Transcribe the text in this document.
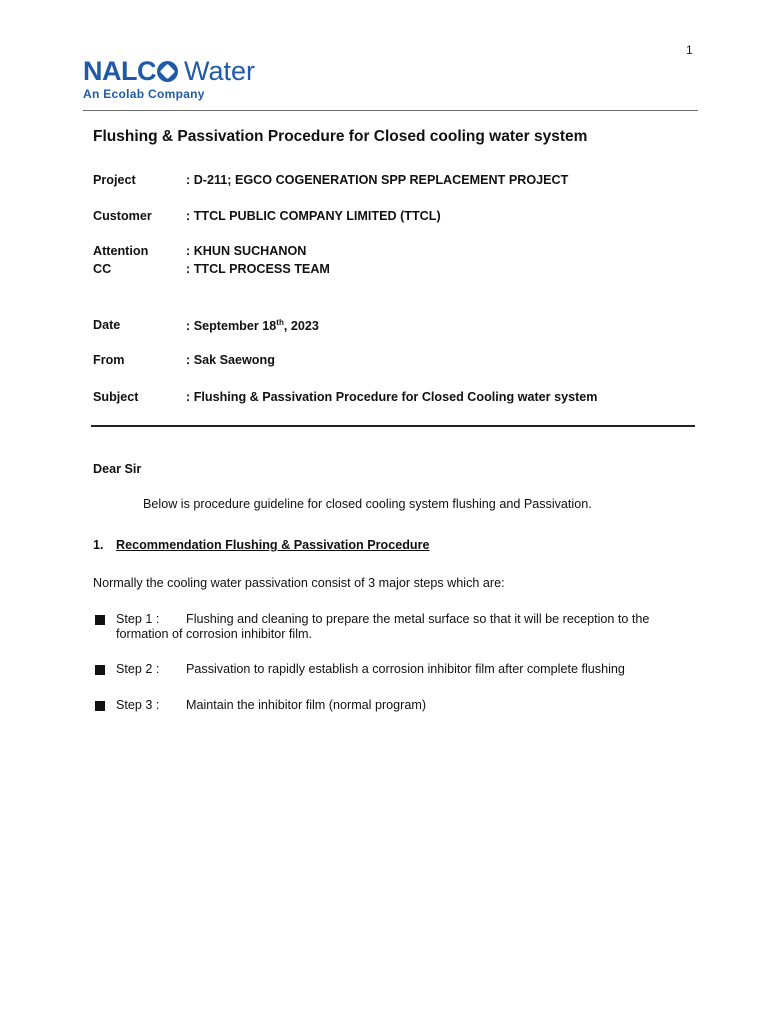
1
NALC Water
An Ecolab Company
Flushing & Passivation Procedure for Closed cooling water system
Project	: D-211; EGCO COGENERATION SPP REPLACEMENT PROJECT
Customer	: TTCL PUBLIC COMPANY LIMITED (TTCL)
Attention	: KHUN SUCHANON
CC	: TTCL PROCESS TEAM
Date	: September 18th, 2023
From	: Sak Saewong
Subject	: Flushing & Passivation Procedure for Closed Cooling water system
Dear Sir
Below is procedure guideline for closed cooling system flushing and Passivation.
1. Recommendation Flushing & Passivation Procedure
Normally the cooling water passivation consist of 3 major steps which are:
Step 1 : Flushing and cleaning to prepare the metal surface so that it will be reception to the
formation of corrosion inhibitor film.
Step 2 : Passivation to rapidly establish a corrosion inhibitor film after complete flushing
Step 3 : Maintain the inhibitor film (normal program)
